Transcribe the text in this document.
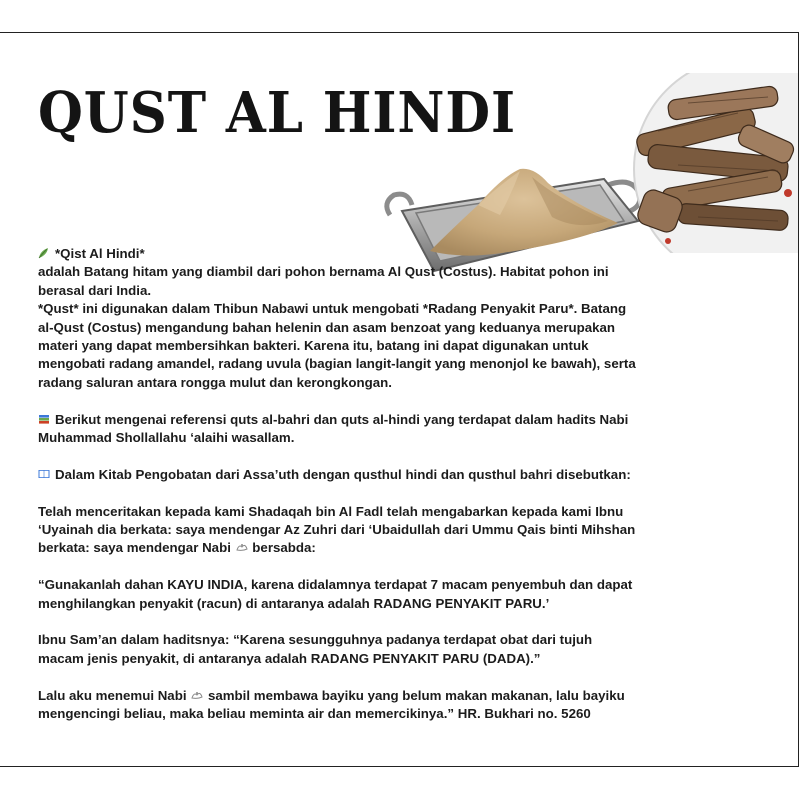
QUST AL HINDI

*Qist Al Hindi*
adalah Batang hitam yang diambil dari pohon bernama Al Qust (Costus). Habitat pohon ini berasal dari India.
*Qust* ini digunakan dalam Thibun Nabawi untuk mengobati *Radang Penyakit Paru*. Batang al-Qust (Costus) mengandung bahan helenin dan asam benzoat yang keduanya merupakan materi yang dapat membersihkan bakteri. Karena itu, batang ini dapat digunakan untuk mengobati radang amandel, radang uvula (bagian langit-langit yang menonjol ke bawah), serta radang saluran antara rongga mulut dan kerongkongan.

Berikut mengenai referensi quts al-bahri dan quts al-hindi yang terdapat dalam hadits Nabi Muhammad Shollallahu ‘alaihi wasallam.

Dalam Kitab Pengobatan dari Assa’uth dengan qusthul hindi dan qusthul bahri disebutkan:

Telah menceritakan kepada kami Shadaqah bin Al Fadl telah mengabarkan kepada kami Ibnu ‘Uyainah dia berkata: saya mendengar Az Zuhri dari ‘Ubaidullah dari Ummu Qais binti Mihshan berkata: saya mendengar Nabi bersabda:

“Gunakanlah dahan KAYU INDIA, karena didalamnya terdapat 7 macam penyembuh dan dapat menghilangkan penyakit (racun) di antaranya adalah RADANG PENYAKIT PARU.’

Ibnu Sam’an dalam haditsnya: “Karena sesungguhnya padanya terdapat obat dari tujuh macam jenis penyakit, di antaranya adalah RADANG PENYAKIT PARU (DADA).”

Lalu aku menemui Nabi sambil membawa bayiku yang belum makan makanan, lalu bayiku mengencingi beliau, maka beliau meminta air dan memercikinya.” HR. Bukhari no. 5260
